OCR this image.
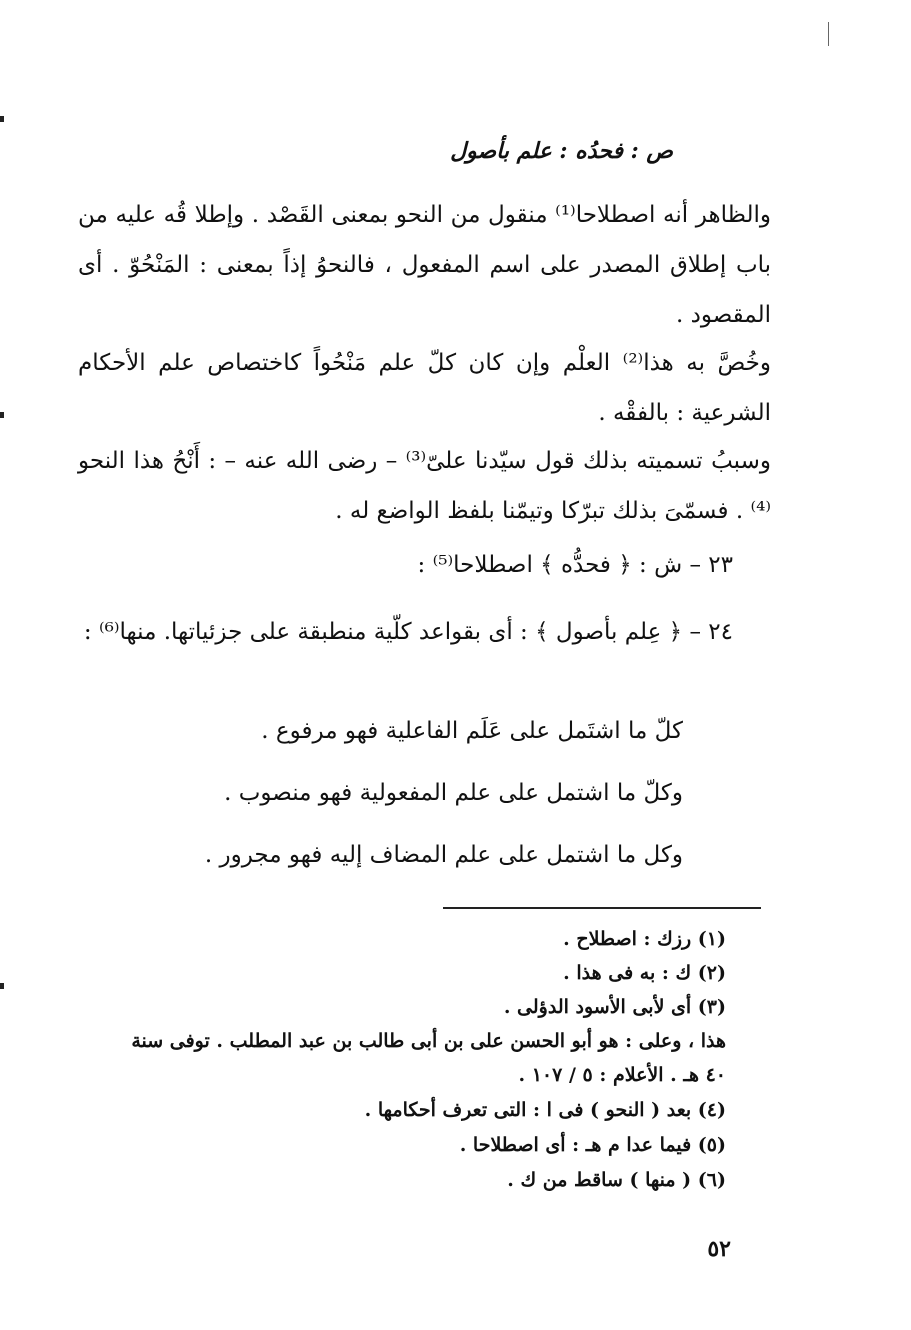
ص : فحدُه : علم بأصول
والظاهر أنه اصطلاحا⁽¹⁾ منقول من النحو بمعنى القَصْد . وإطلا قُه عليه من باب إطلاق المصدر على اسم المفعول ، فالنحوُ إذاً بمعنى : المَنْحُوّ . أى المقصود .
وخُصَّ به هذا⁽²⁾ العلْم وإن كان كلّ علم مَنْحُواً كاختصاص علم الأحكام الشرعية : بالفقْه .
وسببُ تسميته بذلك قول سيّدنا علىّ⁽³⁾ – رضى الله عنه – : أَنْحُ هذا النحو ⁽⁴⁾ . فسمّىَ بذلك تبرّكا وتيمّنا بلفظ الواضع له .
٢٣ – ش : ﴿ فحدُّه ﴾ اصطلاحا⁽⁵⁾ :
٢٤ – ﴿ عِلم بأصول ﴾ : أى بقواعد كلّية منطبقة على جزئياتها. منها⁽⁶⁾ :
كلّ ما اشتَمل على عَلَم الفاعلية فهو مرفوع .
وكلّ ما اشتمل على علم المفعولية فهو منصوب .
وكل ما اشتمل على علم المضاف إليه فهو مجرور .
(١) رزك : اصطلاح .
(٢) ك : به فى هذا .
(٣) أى لأبى الأسود الدؤلى .
هذا ، وعلى : هو أبو الحسن على بن أبى طالب بن عبد المطلب . توفى سنة
٤٠ هـ . الأعلام : ٥ / ١٠٧ .
(٤) بعد ( النحو ) فى ا : التى تعرف أحكامها .
(٥) فيما عدا م هـ : أى اصطلاحا .
(٦) ( منها ) ساقط من ك .
٥٢
